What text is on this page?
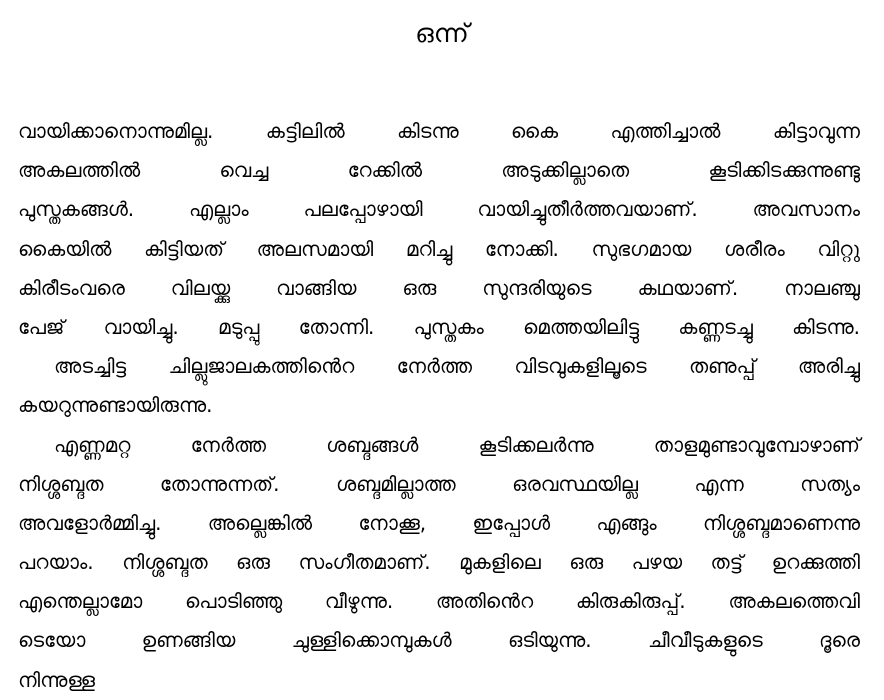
ഒന്ന്
വായിക്കാനൊന്നുമില്ല. കട്ടിലിൽ കിടന്നു കൈ എത്തിച്ചാൽ കിട്ടാവുന്ന
അകലത്തിൽ വെച്ച റേക്കിൽ അടുക്കില്ലാതെ കൂടിക്കിടക്കുന്നുണ്ടു
പുസ്തകങ്ങൾ. എല്ലാം പലപ്പോഴായി വായിച്ചുതീർത്തവയാണ്. അവസാനം
കൈയിൽ കിട്ടിയത് അലസമായി മറിച്ചു നോക്കി. സുഭഗമായ ശരീരം വിറ്റു
കിരീടംവരെ വിലയ്ക്കു വാങ്ങിയ ഒരു സുന്ദരിയുടെ കഥയാണ്. നാലഞ്ചു
പേജ് വായിച്ചു. മടുപ്പു തോന്നി. പുസ്തകം മെത്തയിലിട്ടു കണ്ണടച്ചു കിടന്നു.
അടച്ചിട്ട ചില്ലുജാലകത്തിൻെറ നേർത്ത വിടവുകളിലൂടെ തണുപ്പ് അരിച്ചു
കയറുന്നുണ്ടായിരുന്നു.
എണ്ണമറ്റ നേർത്ത ശബ്ദങ്ങൾ കൂടിക്കലർന്നു താളമുണ്ടാവുമ്പോഴാണ്
നിശ്ശബ്ദത തോന്നുന്നത്. ശബ്ദമില്ലാത്ത ഒരവസ്ഥയില്ല എന്ന സത്യം
അവളോർമ്മിച്ചു. അല്ലെങ്കിൽ നോക്കൂ, ഇപ്പോൾ എങ്ങും നിശ്ശബ്ദമാണെന്നു
പറയാം. നിശ്ശബ്ദത ഒരു സംഗീതമാണ്. മുകളിലെ ഒരു പഴയ തട്ട് ഉറക്കുത്തി
എന്തെല്ലാമോ പൊടിഞ്ഞു വീഴുന്നു. അതിൻെറ കിരുകിരുപ്പ്. അകലത്തെവി
ടെയോ ഉണങ്ങിയ ചുള്ളിക്കൊമ്പുകൾ ഒടിയുന്നു. ചീവീടുകളുടെ ദൂരെ
നിന്നുള്ള
